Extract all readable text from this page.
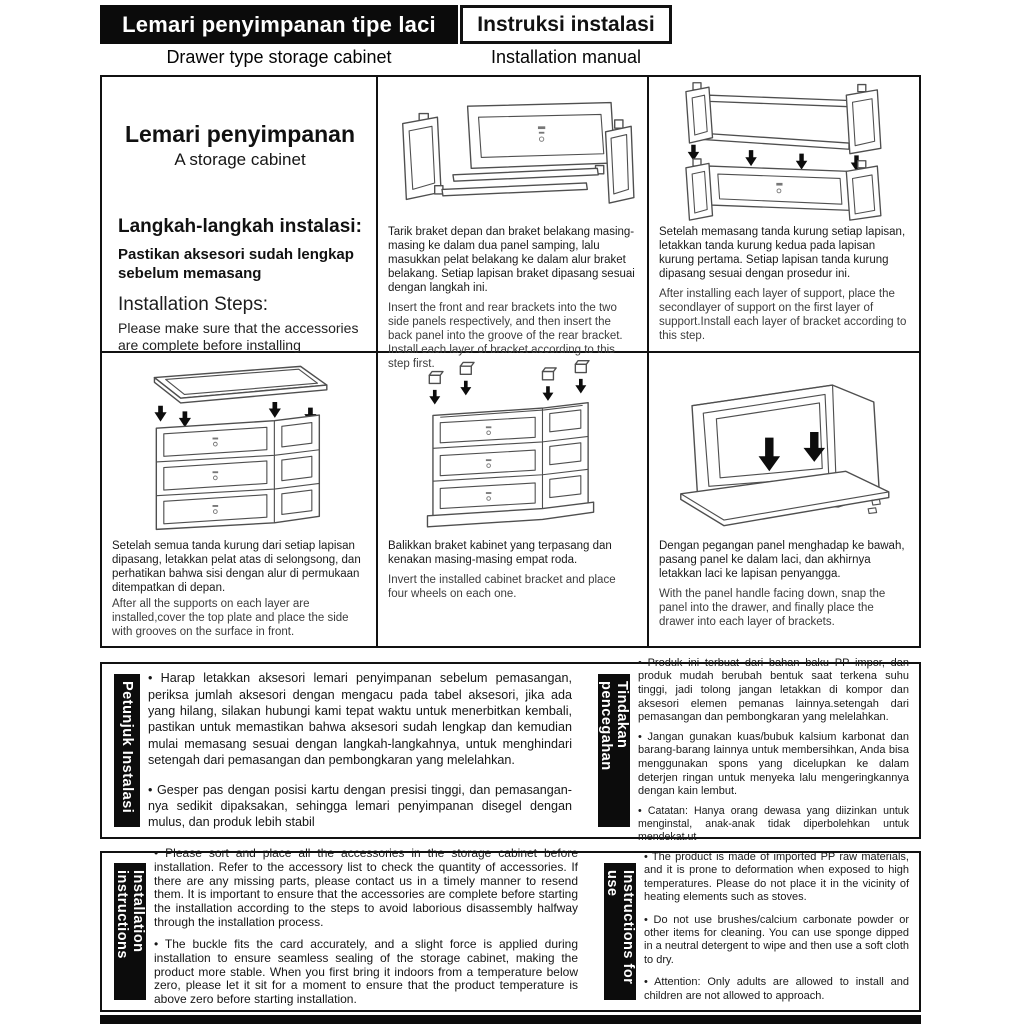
Lemari penyimpanan tipe laci	Instruksi instalasi
Drawer type storage cabinet	Installation manual

Lemari penyimpanan

A storage cabinet

Langkah-langkah instalasi:

Pastikan aksesori sudah lengkap sebelum memasang

Installation Steps:

Please make sure that the accessories are complete before installing

Tarik braket depan dan braket belakang masing-masing ke dalam dua panel samping, lalu masukkan pelat belakang ke dalam alur braket belakang. Setiap lapisan braket dipasang sesuai dengan langkah ini.

Insert the front and rear brackets into the two side panels respectively, and then insert the back panel into the groove of the rear bracket. Install each layer of bracket according to this step first.

Setelah memasang tanda kurung setiap lapisan, letakkan tanda kurung kedua pada lapisan kurung pertama. Setiap lapisan tanda kurung dipasang sesuai dengan prosedur ini.

After installing each layer of support, place the secondlayer of support on the first layer of support.Install each layer of bracket according to this step.

Setelah semua tanda kurung dari setiap lapisan dipasang, letakkan pelat atas di selongsong, dan perhatikan bahwa sisi dengan alur di permukaan ditempatkan di depan.

After all the supports on each layer are installed,cover the top plate and place the side with grooves on the surface in front.

Balikkan braket kabinet yang terpasang dan kenakan masing-masing empat roda.

Invert the installed cabinet bracket and place four wheels on each one.

Dengan pegangan panel menghadap ke bawah, pasang panel ke dalam laci, dan akhirnya letakkan laci ke lapisan penyangga.

With the panel handle facing down, snap the panel into the drawer, and finally place the drawer into each layer of brackets.

Petunjuk Instalasi

• Harap letakkan aksesori lemari penyimpanan sebelum pemasangan, periksa jumlah aksesori dengan mengacu pada tabel aksesori, jika ada yang hilang, silakan hubungi kami tepat waktu untuk menerbitkan kembali, pastikan untuk memastikan bahwa aksesori sudah lengkap dan kemudian mulai memasang sesuai dengan langkah-langkahnya, untuk menghindari setengah dari pemasangan dan pembongkaran yang melelahkan.

• Gesper pas dengan posisi kartu dengan presisi tinggi, dan pemasangan-nya sedikit dipaksakan, sehingga lemari penyimpanan disegel dengan mulus, dan produk lebih stabil

Tindakan pencegahan

• Produk ini terbuat dari bahan baku PP impor, dan produk mudah berubah bentuk saat terkena suhu tinggi, jadi tolong jangan letakkan di kompor dan aksesori elemen pemanas lainnya.setengah dari pemasangan dan pembongkaran yang melelahkan.

• Jangan gunakan kuas/bubuk kalsium karbonat dan barang-barang lainnya untuk membersihkan, Anda bisa menggunakan spons yang dicelupkan ke dalam deterjen ringan untuk menyeka lalu mengeringkannya dengan kain lembut.

• Catatan: Hanya orang dewasa yang diizinkan untuk menginstal, anak-anak tidak diperbolehkan untuk mendekat.ut

Installation instructions

• Please sort and place all the accessories in the storage cabinet before installation. Refer to the accessory list to check the quantity of accessories. If there are any missing parts, please contact us in a timely manner to resend them. It is important to ensure that the accessories are complete before starting the installation according to the steps to avoid laborious disassembly halfway through the installation process.

• The buckle fits the card accurately, and a slight force is applied during installation to ensure seamless sealing of the storage cabinet, making the product more stable. When you first bring it indoors from a temperature below zero, please let it sit for a moment to ensure that the product temperature is above zero before starting installation.

Instructions for use

• The product is made of imported PP raw materials, and it is prone to deformation when exposed to high temperatures. Please do not place it in the vicinity of heating elements such as stoves.

• Do not use brushes/calcium carbonate powder or other items for cleaning. You can use sponge dipped in a neutral detergent to wipe and then use a soft cloth to dry.

• Attention: Only adults are allowed to install and children are not allowed to approach.
